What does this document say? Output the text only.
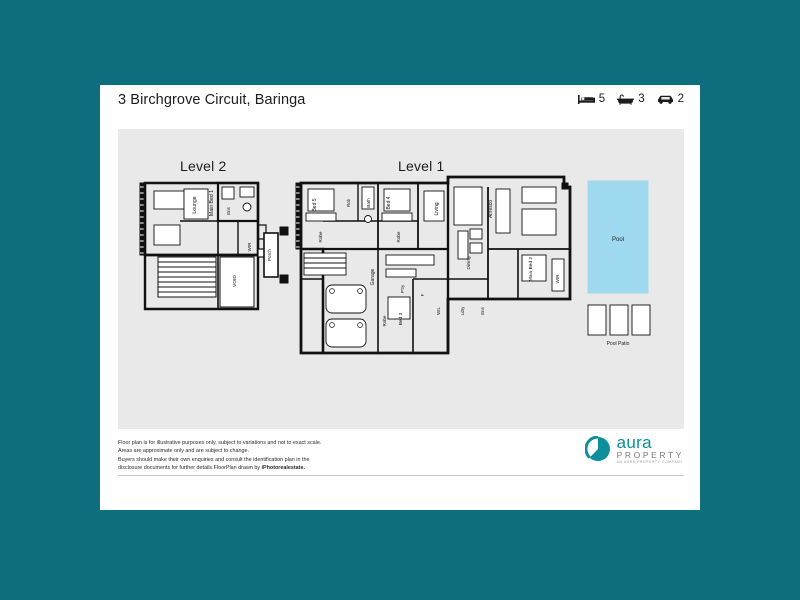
3 Birchgrove Circuit, Baringa	5	3	2
Level 2	Level 1
Lounge Main Bed 1	Ens
L
WIR
VOID
Porch
Bed 5
Robe
Rob	Bath	Bed 4
Robe
Living	Alfresco
Dining	Main Bed 2	WIR
Garage
Robe	Bed 3
F
P'try
WIL	Ldry	Ens
Pool
Pool Patio
Floor plan is for illustrative purposes only, subject to variations and not to exact scale.
Areas are approximate only and are subject to change.
Buyers should make their own enquiries and consult the identification plan in the
disclosure documents for further details.FloorPlan drawn by iPhotorealestate.
aura
PROPERTY
AN AURA PROPERTY COMPANY
